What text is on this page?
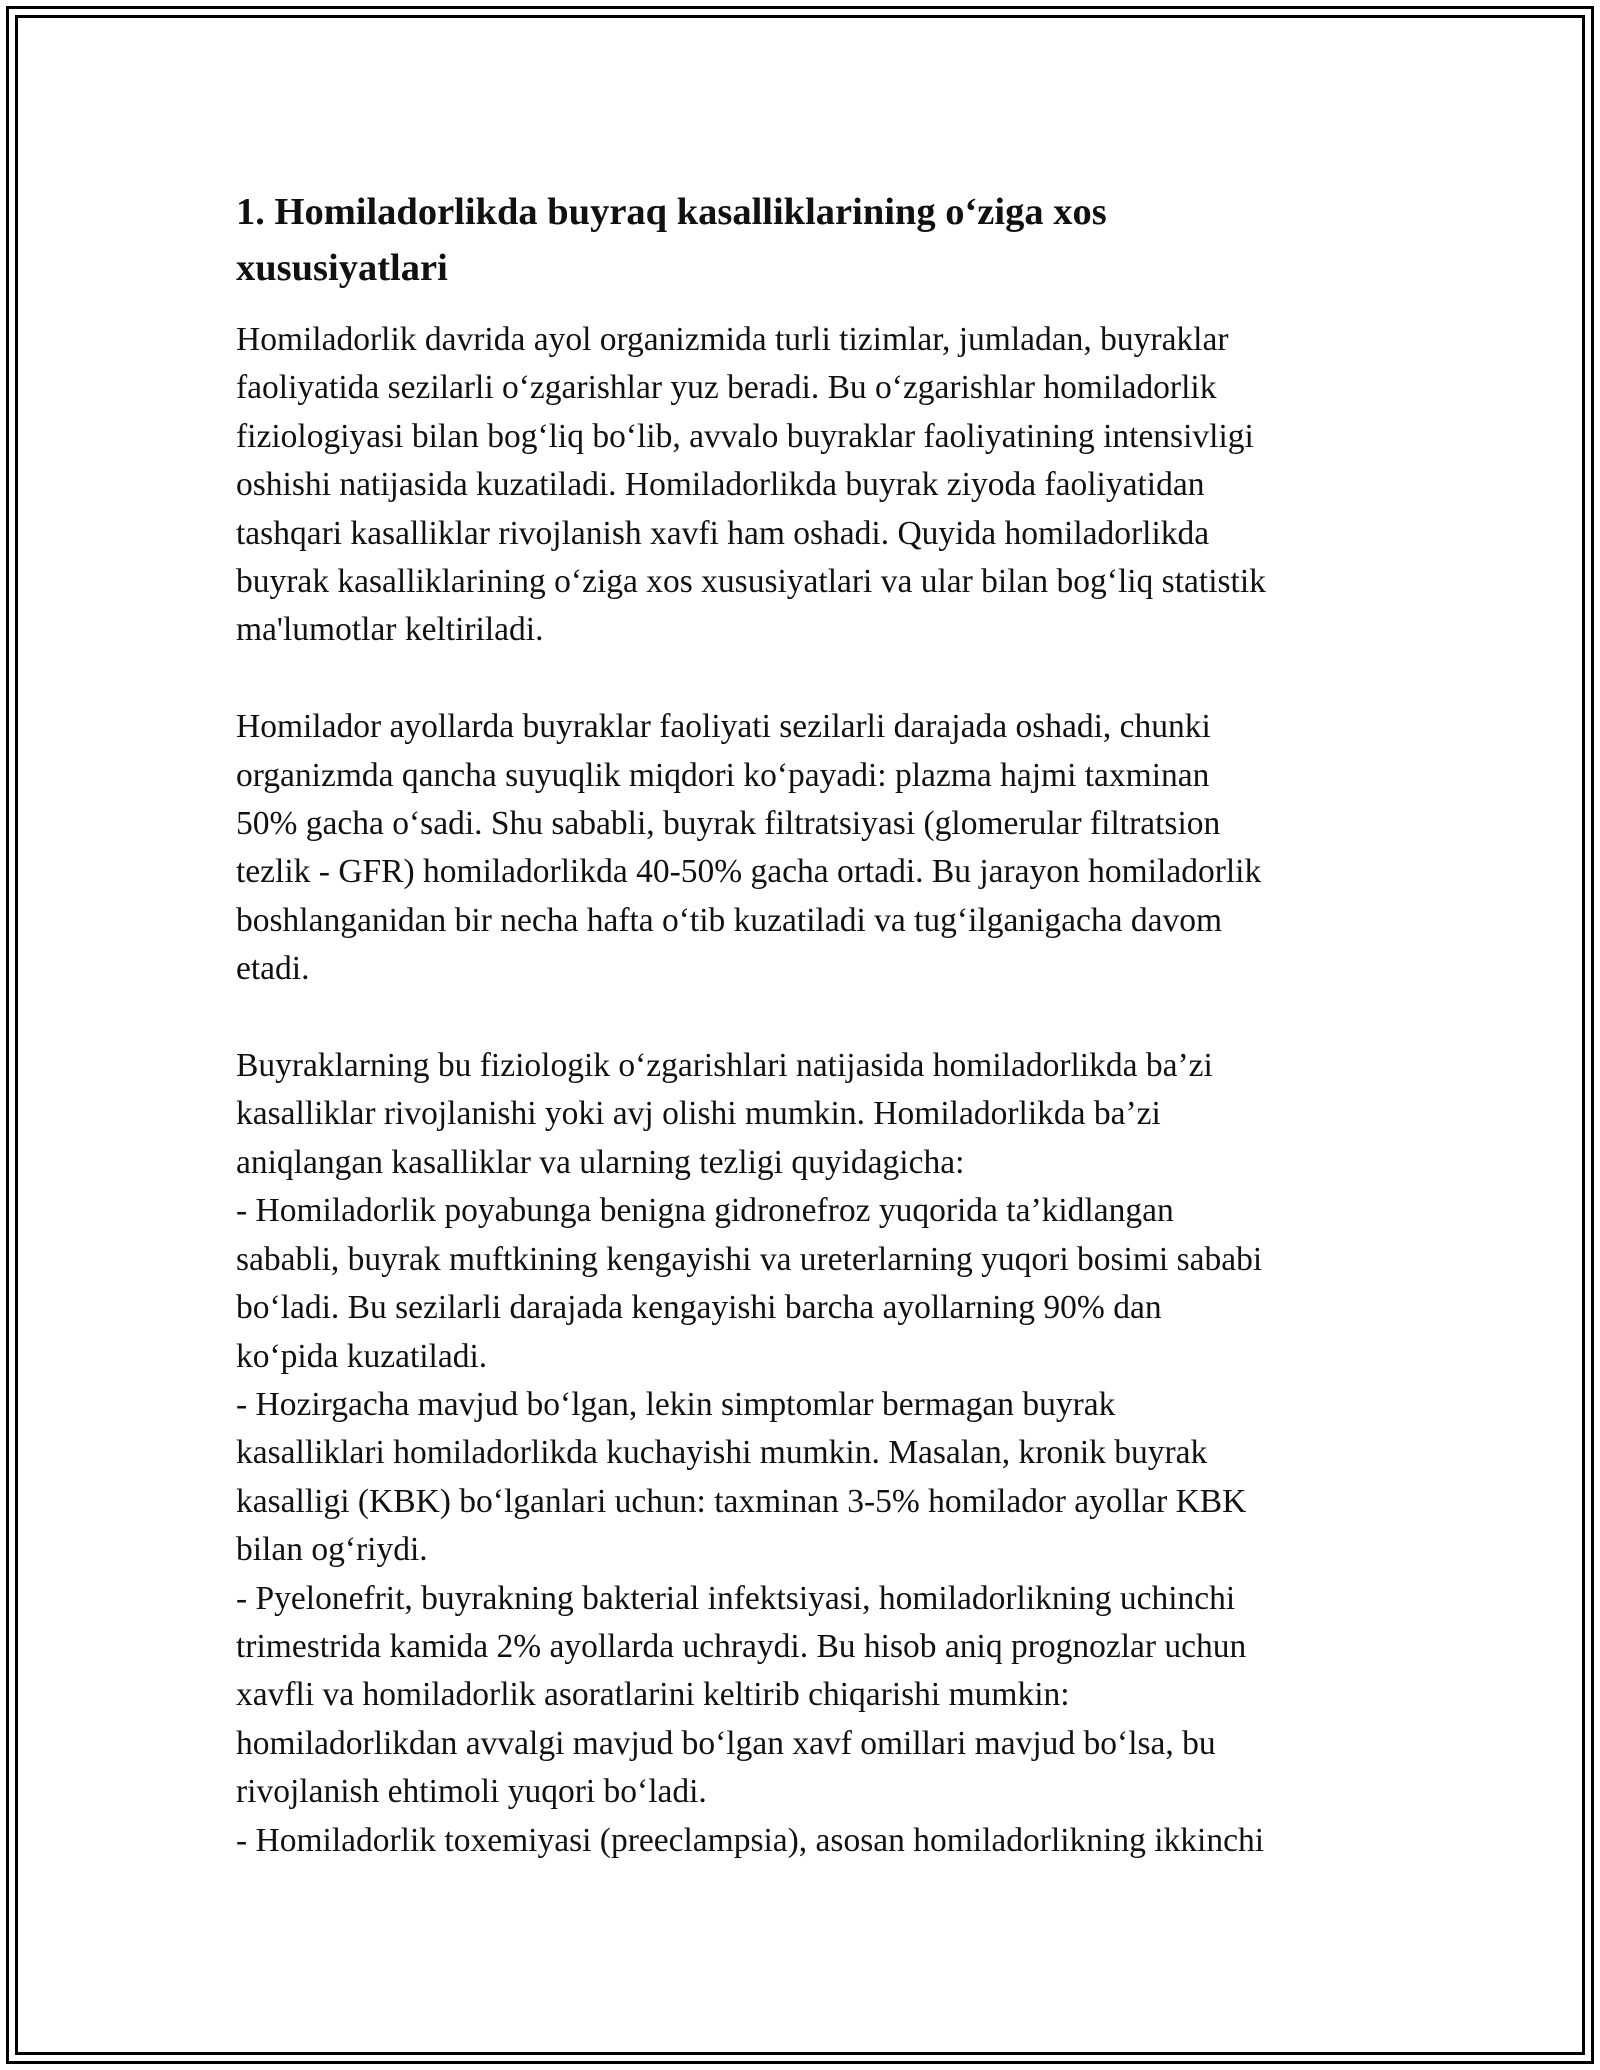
1. Homiladorlikda buyraq kasalliklarining o‘ziga xos
xususiyatlari

Homiladorlik davrida ayol organizmida turli tizimlar, jumladan, buyraklar
faoliyatida sezilarli o‘zgarishlar yuz beradi. Bu o‘zgarishlar homiladorlik
fiziologiyasi bilan bog‘liq bo‘lib, avvalo buyraklar faoliyatining intensivligi
oshishi natijasida kuzatiladi. Homiladorlikda buyrak ziyoda faoliyatidan
tashqari kasalliklar rivojlanish xavfi ham oshadi. Quyida homiladorlikda
buyrak kasalliklarining o‘ziga xos xususiyatlari va ular bilan bog‘liq statistik
ma'lumotlar keltiriladi.

Homilador ayollarda buyraklar faoliyati sezilarli darajada oshadi, chunki
organizmda qancha suyuqlik miqdori ko‘payadi: plazma hajmi taxminan
50% gacha o‘sadi. Shu sababli, buyrak filtratsiyasi (glomerular filtratsion
tezlik - GFR) homiladorlikda 40-50% gacha ortadi. Bu jarayon homiladorlik
boshlanganidan bir necha hafta o‘tib kuzatiladi va tug‘ilganigacha davom
etadi.

Buyraklarning bu fiziologik o‘zgarishlari natijasida homiladorlikda ba’zi
kasalliklar rivojlanishi yoki avj olishi mumkin. Homiladorlikda ba’zi
aniqlangan kasalliklar va ularning tezligi quyidagicha:
- Homiladorlik poyabunga benigna gidronefroz yuqorida ta’kidlangan
sababli, buyrak muftkining kengayishi va ureterlarning yuqori bosimi sababi
bo‘ladi. Bu sezilarli darajada kengayishi barcha ayollarning 90% dan
ko‘pida kuzatiladi.
- Hozirgacha mavjud bo‘lgan, lekin simptomlar bermagan buyrak
kasalliklari homiladorlikda kuchayishi mumkin. Masalan, kronik buyrak
kasalligi (KBK) bo‘lganlari uchun: taxminan 3-5% homilador ayollar KBK
bilan og‘riydi.
- Pyelonefrit, buyrakning bakterial infektsiyasi, homiladorlikning uchinchi
trimestrida kamida 2% ayollarda uchraydi. Bu hisob aniq prognozlar uchun
xavfli va homiladorlik asoratlarini keltirib chiqarishi mumkin:
homiladorlikdan avvalgi mavjud bo‘lgan xavf omillari mavjud bo‘lsa, bu
rivojlanish ehtimoli yuqori bo‘ladi.
- Homiladorlik toxemiyasi (preeclampsia), asosan homiladorlikning ikkinchi
